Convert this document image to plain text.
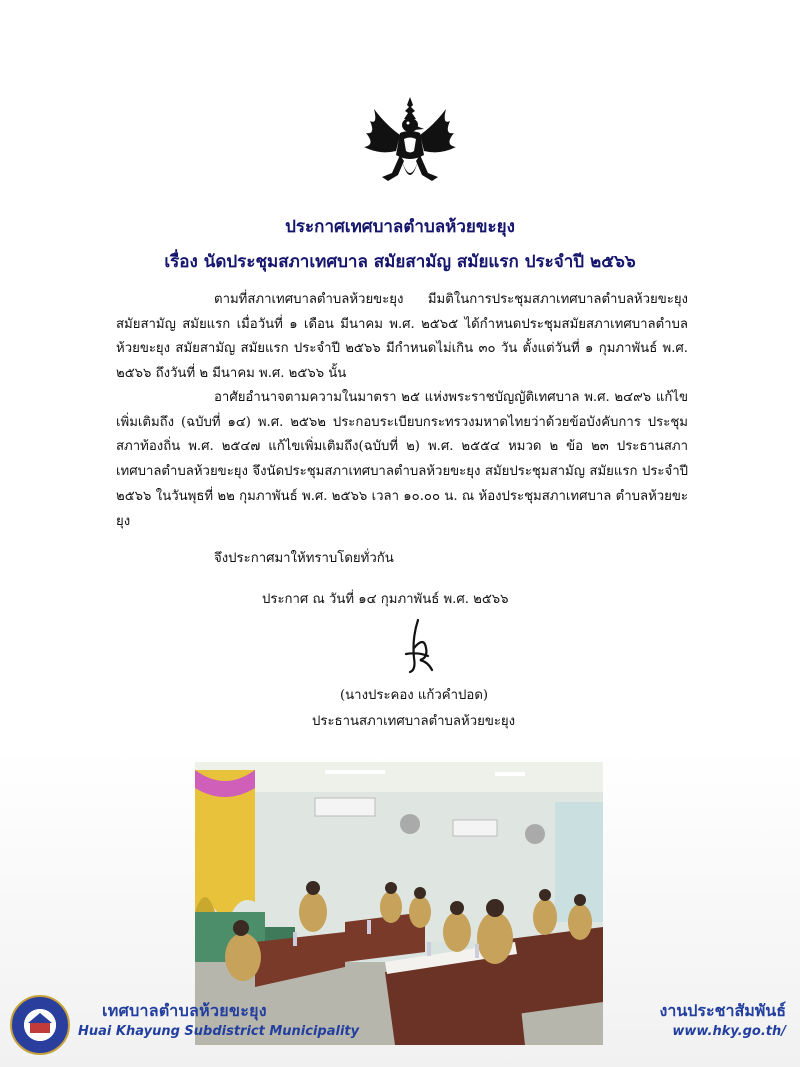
ประกาศเทศบาลตำบลห้วยขะยุง
เรื่อง นัดประชุมสภาเทศบาล สมัยสามัญ สมัยแรก ประจำปี ๒๕๖๖
ตามที่สภาเทศบาลตำบลห้วยขะยุง มีมติในการประชุมสภาเทศบาลตำบลห้วยขะยุง สมัยสามัญ สมัยแรก เมื่อวันที่ ๑ เดือน มีนาคม พ.ศ. ๒๕๖๕ ได้กำหนดประชุมสมัยสภาเทศบาลตำบล ห้วยขะยุง สมัยสามัญ สมัยแรก ประจำปี ๒๕๖๖ มีกำหนดไม่เกิน ๓๐ วัน ตั้งแต่วันที่ ๑ กุมภาพันธ์ พ.ศ. ๒๕๖๖ ถึงวันที่ ๒ มีนาคม พ.ศ. ๒๕๖๖ นั้น
อาศัยอำนาจตามความในมาตรา ๒๕ แห่งพระราชบัญญัติเทศบาล พ.ศ. ๒๔๙๖ แก้ไขเพิ่มเติมถึง (ฉบับที่ ๑๔) พ.ศ. ๒๕๖๒ ประกอบระเบียบกระทรวงมหาดไทยว่าด้วยข้อบังคับการ ประชุมสภาท้องถิ่น พ.ศ. ๒๕๔๗ แก้ไขเพิ่มเติมถึง(ฉบับที่ ๒) พ.ศ. ๒๕๕๔ หมวด ๒ ข้อ ๒๓ ประธานสภา เทศบาลตำบลห้วยขะยุง จึงนัดประชุมสภาเทศบาลตำบลห้วยขะยุง สมัยประชุมสามัญ สมัยแรก ประจำปี ๒๕๖๖ ในวันพุธที่ ๒๒ กุมภาพันธ์ พ.ศ. ๒๕๖๖ เวลา ๑๐.๐๐ น. ณ ห้องประชุมสภาเทศบาล ตำบลห้วยขะยุง
จึงประกาศมาให้ทราบโดยทั่วกัน
ประกาศ ณ วันที่ ๑๔ กุมภาพันธ์ พ.ศ. ๒๕๖๖
(นางประคอง แก้วคำปอด)
ประธานสภาเทศบาลตำบลห้วยขะยุง
เทศบาลตำบลห้วยขะยุง
Huai Khayung Subdistrict Municipality
งานประชาสัมพันธ์
www.hky.go.th/
